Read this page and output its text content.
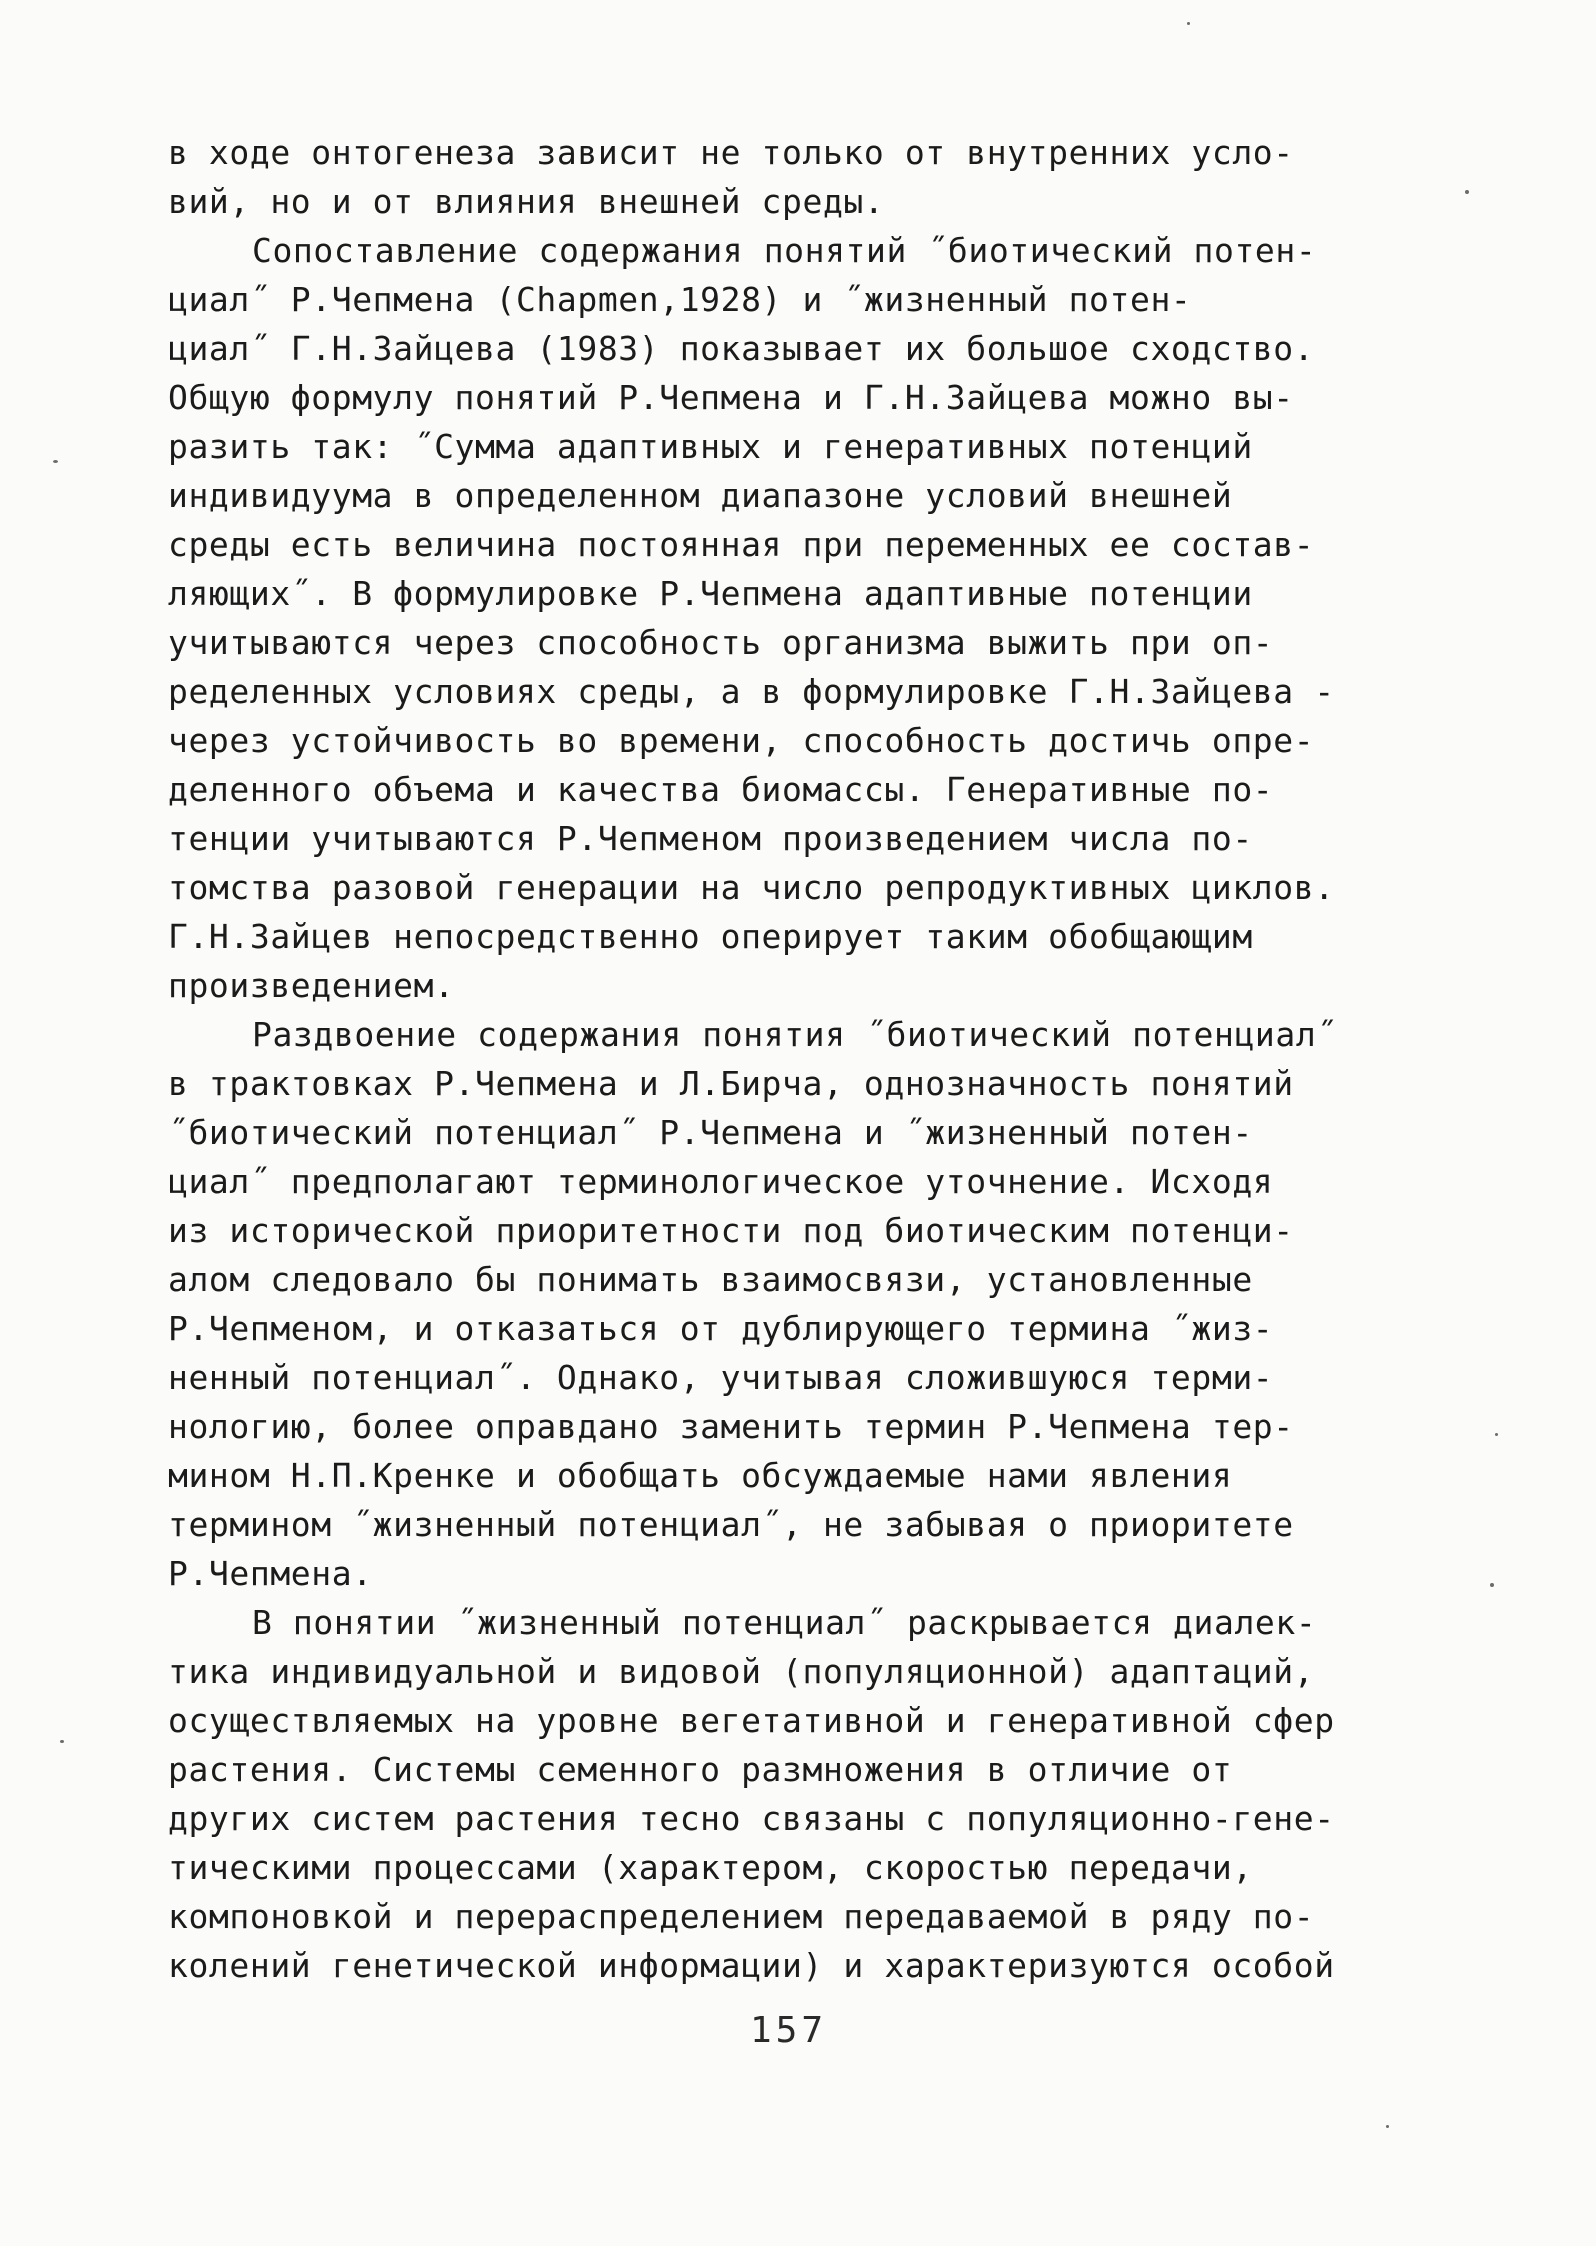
в ходе онтогенеза зависит не только от внутренних усло-
вий, но и от влияния внешней среды.
Сопоставление содержания понятий ˝биотический потен-
циал˝ Р.Чепмена (Chapmen,1928) и ˝жизненный потен-
циал˝ Г.Н.Зайцева (1983) показывает их большое сходство.
Общую формулу понятий Р.Чепмена и Г.Н.Зайцева можно вы-
разить так: ˝Сумма адаптивных и генеративных потенций
индивидуума в определенном диапазоне условий внешней
среды есть величина постоянная при переменных ее состав-
ляющих˝. В формулировке Р.Чепмена адаптивные потенции
учитываются через способность организма выжить при оп-
ределенных условиях среды, а в формулировке Г.Н.Зайцева -
через устойчивость во времени, способность достичь опре-
деленного объема и качества биомассы. Генеративные по-
тенции учитываются Р.Чепменом произведением числа по-
томства разовой генерации на число репродуктивных циклов.
Г.Н.Зайцев непосредственно оперирует таким обобщающим
произведением.
Раздвоение содержания понятия ˝биотический потенциал˝
в трактовках Р.Чепмена и Л.Бирча, однозначность понятий
˝биотический потенциал˝ Р.Чепмена и ˝жизненный потен-
циал˝ предполагают терминологическое уточнение. Исходя
из исторической приоритетности под биотическим потенци-
алом следовало бы понимать взаимосвязи, установленные
Р.Чепменом, и отказаться от дублирующего термина ˝жиз-
ненный потенциал˝. Однако, учитывая сложившуюся терми-
нологию, более оправдано заменить термин Р.Чепмена тер-
мином Н.П.Кренке и обобщать обсуждаемые нами явления
термином ˝жизненный потенциал˝, не забывая о приоритете
Р.Чепмена.
В понятии ˝жизненный потенциал˝ раскрывается диалек-
тика индивидуальной и видовой (популяционной) адаптаций,
осуществляемых на уровне вегетативной и генеративной сфер
растения. Системы семенного размножения в отличие от
других систем растения тесно связаны с популяционно-гене-
тическими процессами (характером, скоростью передачи,
компоновкой и перераспределением передаваемой в ряду по-
колений генетической информации) и характеризуются особой
157
